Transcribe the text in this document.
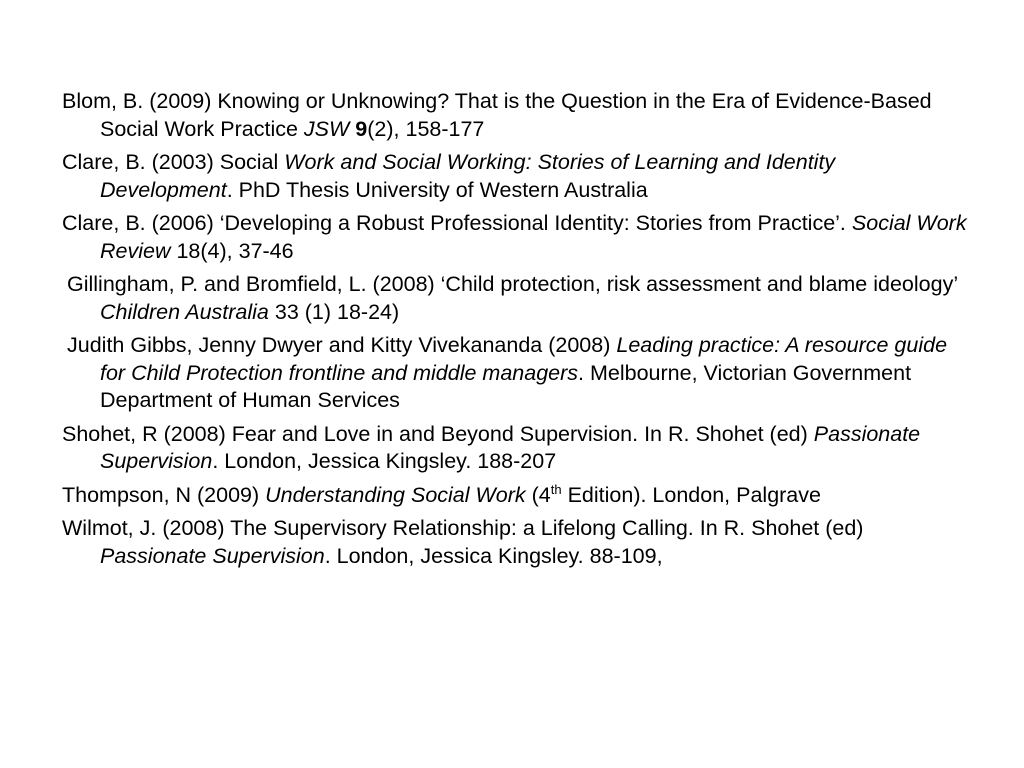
Blom, B. (2009) Knowing or Unknowing? That is the Question in the Era of Evidence-Based Social Work Practice JSW 9(2), 158-177
Clare, B. (2003) Social Work and Social Working: Stories of Learning and Identity Development. PhD Thesis University of Western Australia
Clare, B. (2006) ‘Developing a Robust Professional Identity: Stories from Practice’. Social Work Review 18(4), 37-46
Gillingham, P. and Bromfield, L. (2008) ‘Child protection, risk assessment and blame ideology’ Children Australia 33 (1) 18-24)
Judith Gibbs, Jenny Dwyer and Kitty Vivekananda (2008) Leading practice: A resource guide for Child Protection frontline and middle managers. Melbourne, Victorian Government Department of Human Services
Shohet, R (2008) Fear and Love in and Beyond Supervision. In R. Shohet (ed) Passionate Supervision. London, Jessica Kingsley. 188-207
Thompson, N (2009) Understanding Social Work (4th Edition). London, Palgrave
Wilmot, J. (2008) The Supervisory Relationship: a Lifelong Calling. In R. Shohet (ed) Passionate Supervision. London, Jessica Kingsley. 88-109,
